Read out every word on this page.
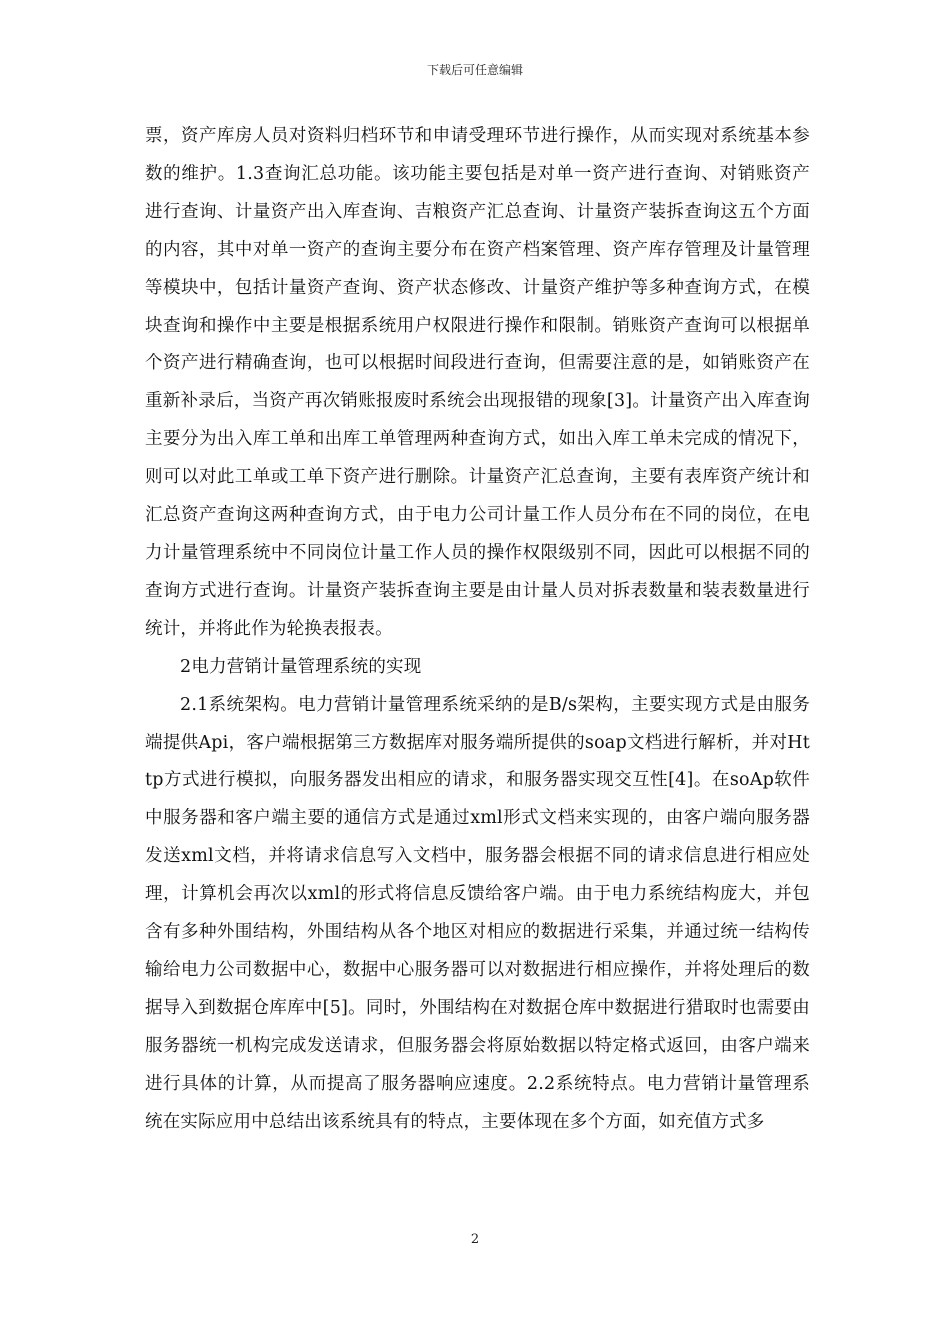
下载后可任意编辑

票，资产库房人员对资料归档环节和申请受理环节进行操作，从而实现对系统基本参数的维护。1.3查询汇总功能。该功能主要包括是对单一资产进行查询、对销账资产进行查询、计量资产出入库查询、吉粮资产汇总查询、计量资产装拆查询这五个方面的内容，其中对单一资产的查询主要分布在资产档案管理、资产库存管理及计量管理等模块中，包括计量资产查询、资产状态修改、计量资产维护等多种查询方式，在模块查询和操作中主要是根据系统用户权限进行操作和限制。销账资产查询可以根据单个资产进行精确查询，也可以根据时间段进行查询，但需要注意的是，如销账资产在重新补录后，当资产再次销账报废时系统会出现报错的现象[3]。计量资产出入库查询主要分为出入库工单和出库工单管理两种查询方式，如出入库工单未完成的情况下，则可以对此工单或工单下资产进行删除。计量资产汇总查询，主要有表库资产统计和汇总资产查询这两种查询方式，由于电力公司计量工作人员分布在不同的岗位，在电力计量管理系统中不同岗位计量工作人员的操作权限级别不同，因此可以根据不同的查询方式进行查询。计量资产装拆查询主要是由计量人员对拆表数量和装表数量进行统计，并将此作为轮换表报表。

2电力营销计量管理系统的实现

2.1系统架构。电力营销计量管理系统采纳的是B/s架构，主要实现方式是由服务端提供Api，客户端根据第三方数据库对服务端所提供的soap文档进行解析，并对Http方式进行模拟，向服务器发出相应的请求，和服务器实现交互性[4]。在soAp软件中服务器和客户端主要的通信方式是通过xml形式文档来实现的，由客户端向服务器发送xml文档，并将请求信息写入文档中，服务器会根据不同的请求信息进行相应处理，计算机会再次以xml的形式将信息反馈给客户端。由于电力系统结构庞大，并包含有多种外围结构，外围结构从各个地区对相应的数据进行采集，并通过统一结构传输给电力公司数据中心，数据中心服务器可以对数据进行相应操作，并将处理后的数据导入到数据仓库库中[5]。同时，外围结构在对数据仓库中数据进行猎取时也需要由服务器统一机构完成发送请求，但服务器会将原始数据以特定格式返回，由客户端来进行具体的计算，从而提高了服务器响应速度。2.2系统特点。电力营销计量管理系统在实际应用中总结出该系统具有的特点，主要体现在多个方面，如充值方式多

2
